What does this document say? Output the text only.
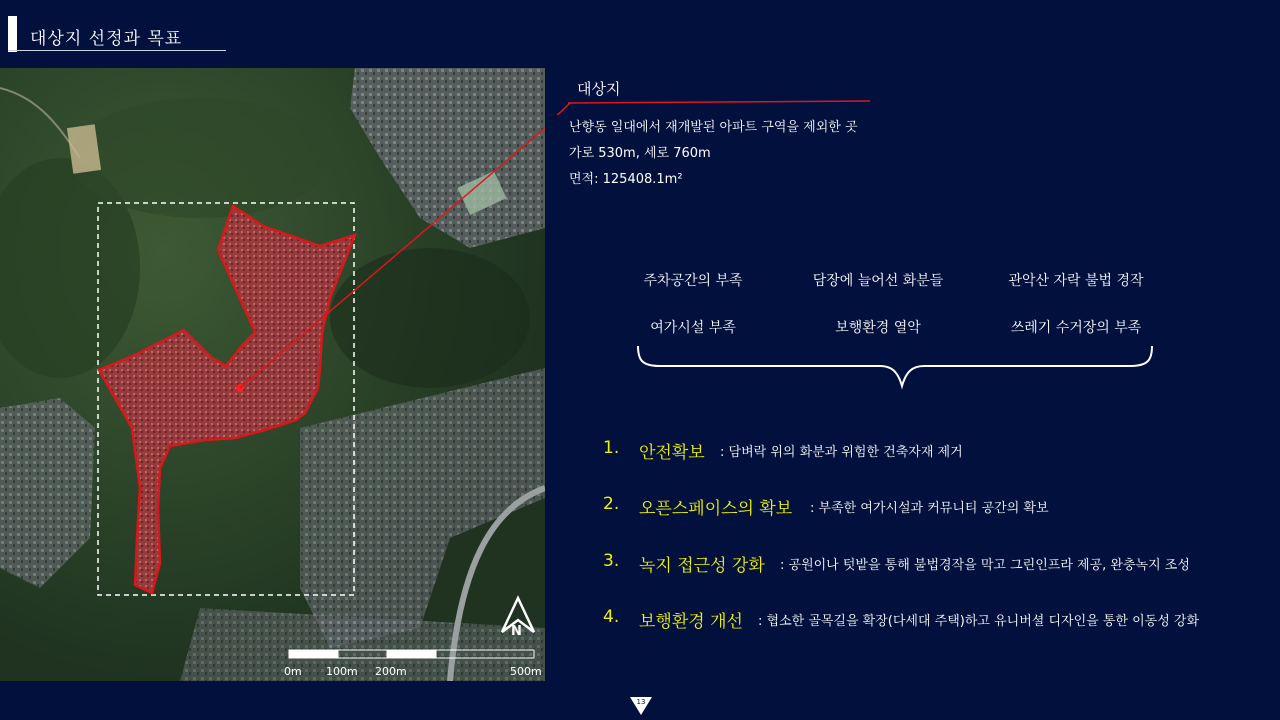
대상지 선정과 목표
N
0m 100m 200m	500m
대상지
난향동 일대에서 재개발된 아파트 구역을 제외한 곳
가로 530m, 세로 760m
면적: 125408.1m²
주차공간의 부족	담장에 늘어선 화분들	관악산 자락 불법 경작
여가시설 부족	보행환경 열악	쓰레기 수거장의 부족
1. 안전확보 : 담벼락 위의 화분과 위험한 건축자재 제거
2. 오픈스페이스의 확보 : 부족한 여가시설과 커뮤니티 공간의 확보
3. 녹지 접근성 강화 : 공원이나 텃밭을 통해 불법경작을 막고 그린인프라 제공, 완충녹지 조성
4. 보행환경 개선 : 협소한 골목길을 확장(다세대 주택)하고 유니버셜 디자인을 통한 이동성 강화
13
